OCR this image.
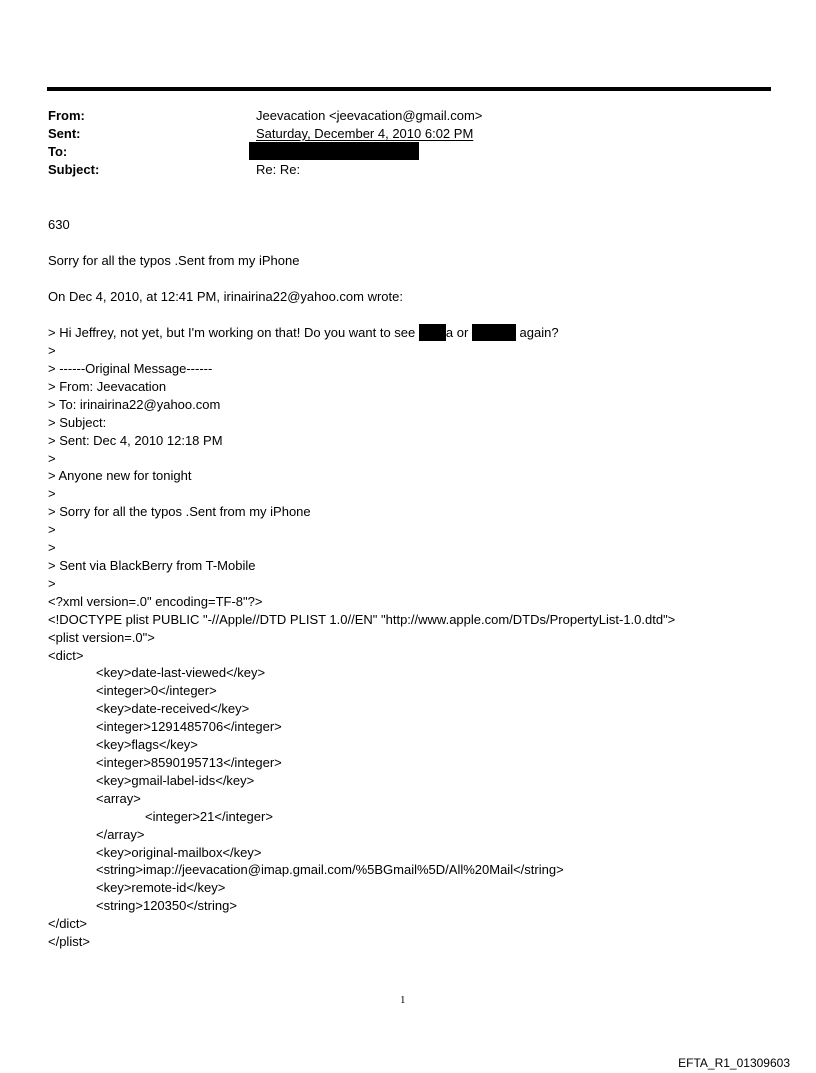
From:	Jeevacation <jeevacation@gmail.com>
Sent:	Saturday, December 4, 2010 6:02 PM
To:
Subject:	Re: Re:
630
Sorry for all the typos .Sent from my iPhone
On Dec 4, 2010, at 12:41 PM, irinairina22@yahoo.com wrote:
> Hi Jeffrey, not yet, but I'm working on that! Do you want to see a or	again?
>
> ------Original Message------
> From: Jeevacation
> To: irinairina22@yahoo.com
> Subject:
> Sent: Dec 4, 2010 12:18 PM
>
> Anyone new for tonight
>
> Sorry for all the typos .Sent from my iPhone
>
>
> Sent via BlackBerry from T-Mobile
>
<?xml version=.0" encoding=TF-8"?>
<!DOCTYPE plist PUBLIC "-//Apple//DTD PLIST 1.0//EN" "http://www.apple.com/DTDs/PropertyList-1.0.dtd">
<plist version=.0">
<dict>
<key>date-last-viewed</key>
<integer>0</integer>
<key>date-received</key>
<integer>1291485706</integer>
<key>flags</key>
<integer>8590195713</integer>
<key>gmail-label-ids</key>
<array>
<integer>21</integer>
</array>
<key>original-mailbox</key>
<string>imap://jeevacation@imap.gmail.com/%5BGmail%5D/All%20Mail</string>
<key>remote-id</key>
<string>120350</string>
</dict>
</plist>
1
EFTA_R1_01309603
